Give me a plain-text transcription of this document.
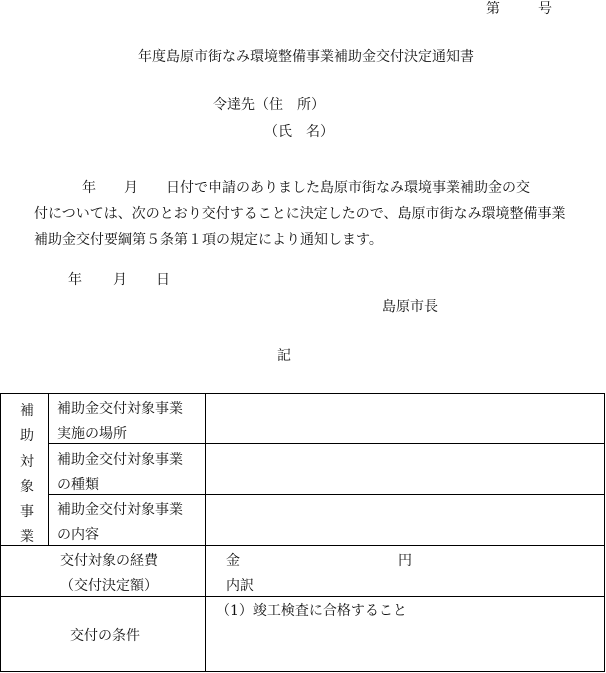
第	号
年度島原市街なみ環境整備事業補助金交付決定通知書
令達先（住　所）
（氏　名）
年　　月　　日付で申請のありました島原市街なみ環境事業補助金の交
付については、次のとおり交付することに決定したので、島原市街なみ環境整備事業
補助金交付要綱第５条第１項の規定により通知します。
年 月 日
島原市長
記
補
助
対
象
事
業
補助金交付対象事業
実施の場所
補助金交付対象事業
の種類
補助金交付対象事業
の内容
交付対象の経費
（交付決定額）
金	円
内訳
交付の条件
（1）竣工検査に合格すること
